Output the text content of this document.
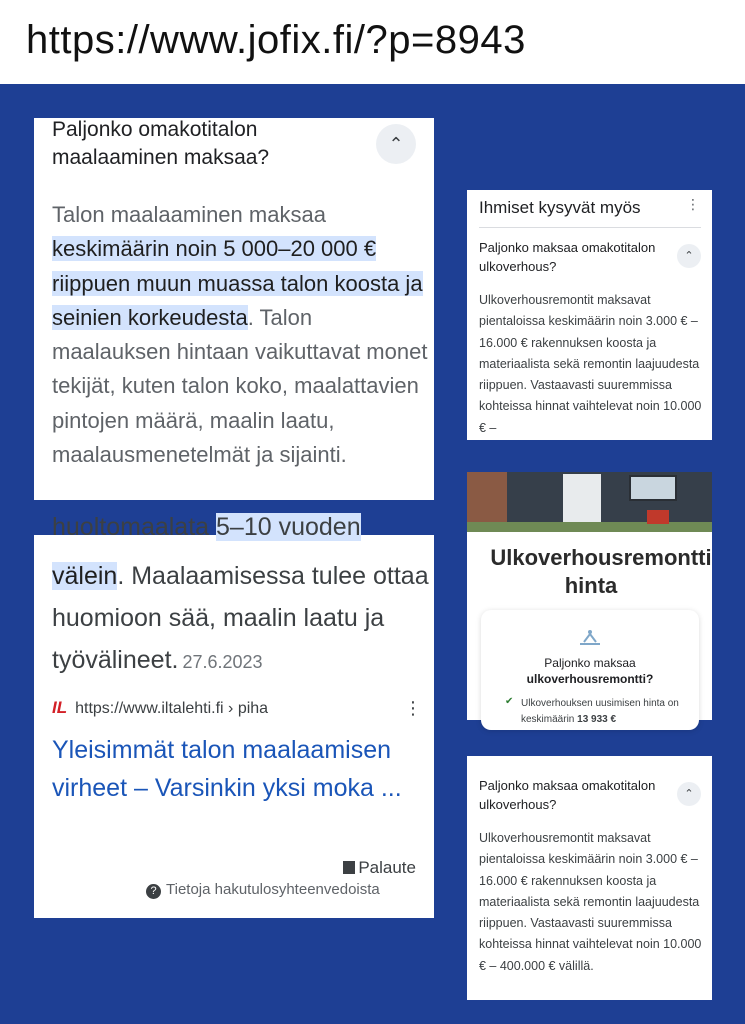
https://www.jofix.fi/?p=8943
Paljonko omakotitalon maalaaminen maksaa?
⌃
Talon maalaaminen maksaa keskimäärin noin 5 000–20 000 € riippuen muun muassa talon koosta ja seinien korkeudesta. Talon maalauksen hintaan vaikuttavat monet tekijät, kuten talon koko, maalattavien pintojen määrä, maalin laatu, maalausmenetelmät ja sijainti.
huoltomaalata 5–10 vuoden
välein. Maalaamisessa tulee ottaa huomioon sää, maalin laatu ja työvälineet. 27.6.2023
IL https://www.iltalehti.fi › piha	⋮
Yleisimmät talon maalaamisen virheet – Varsinkin yksi moka ...
Palaute
? Tietoja hakutulosyhteenvedoista
Ihmiset kysyvät myös	⋮
Paljonko maksaa omakotitalon ulkoverhous?
⌃
Ulkoverhousremontit maksavat pientaloissa keskimäärin noin 3.000 € – 16.000 € rakennuksen koosta ja materiaalista sekä remontin laajuudesta riippuen. Vastaavasti suuremmissa kohteissa hinnat vaihtelevat noin 10.000 € –
Ulkoverhousremontti
hinta
Paljonko maksaa
ulkoverhousremontti?
✔ Ulkoverhouksen uusimisen hinta on keskimäärin 13 933 €
Paljonko maksaa omakotitalon ulkoverhous?
⌃
Ulkoverhousremontit maksavat pientaloissa keskimäärin noin 3.000 € – 16.000 € rakennuksen koosta ja materiaalista sekä remontin laajuudesta riippuen. Vastaavasti suuremmissa kohteissa hinnat vaihtelevat noin 10.000 € – 400.000 € välillä.
